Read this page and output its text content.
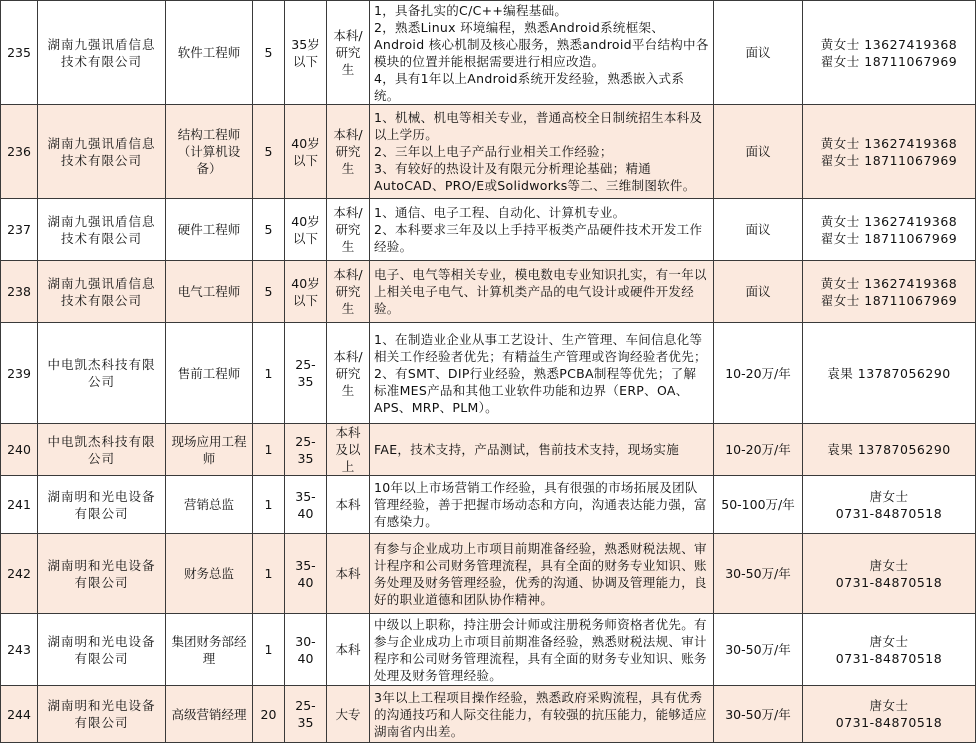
235	湖南九强讯盾信息技术有限公司	软件工程师	5	35岁以下	本科/研究生	1，具备扎实的C/C++编程基础。
2，熟悉Linux 环境编程，熟悉Android系统框架、Android 核心机制及核心服务，熟悉android平台结构中各模块的位置并能根据需要进行相应改造。
4，具有1年以上Android系统开发经验，熟悉嵌入式系统。	面议	黄女士 13627419368
翟女士 18711067969
236	湖南九强讯盾信息技术有限公司	结构工程师（计算机设备）	5	40岁以下	本科/研究生	1、机械、机电等相关专业，普通高校全日制统招生本科及以上学历。
2、三年以上电子产品行业相关工作经验；
3、有较好的热设计及有限元分析理论基础；精通AutoCAD、PRO/E或Solidworks等二、三维制图软件。	面议	黄女士 13627419368
翟女士 18711067969
237	湖南九强讯盾信息技术有限公司	硬件工程师	5	40岁以下	本科/研究生	1、通信、电子工程、自动化、计算机专业。
2、本科要求三年及以上手持平板类产品硬件技术开发工作经验。	面议	黄女士 13627419368
翟女士 18711067969
238	湖南九强讯盾信息技术有限公司	电气工程师	5	40岁以下	本科/研究生	电子、电气等相关专业，模电数电专业知识扎实，有一年以上相关电子电气、计算机类产品的电气设计或硬件开发经验。	面议	黄女士 13627419368
翟女士 18711067969
239	中电凯杰科技有限公司	售前工程师	1	25-35	本科/研究生	1、在制造业企业从事工艺设计、生产管理、车间信息化等相关工作经验者优先；有精益生产管理或咨询经验者优先；
2、有SMT、DIP行业经验，熟悉PCBA制程等优先；了解标准MES产品和其他工业软件功能和边界（ERP、OA、APS、MRP、PLM）。	10-20万/年	袁果 13787056290
240	中电凯杰科技有限公司	现场应用工程师	1	25-35	本科及以上	FAE，技术支持，产品测试，售前技术支持，现场实施	10-20万/年	袁果 13787056290
241	湖南明和光电设备有限公司	营销总监	1	35-40	本科	10年以上市场营销工作经验，具有很强的市场拓展及团队管理经验，善于把握市场动态和方向，沟通表达能力强，富有感染力。	50-100万/年	唐女士
0731-84870518
242	湖南明和光电设备有限公司	财务总监	1	35-40	本科	有参与企业成功上市项目前期准备经验，熟悉财税法规、审计程序和公司财务管理流程，具有全面的财务专业知识、账务处理及财务管理经验，优秀的沟通、协调及管理能力，良好的职业道德和团队协作精神。	30-50万/年	唐女士
0731-84870518
243	湖南明和光电设备有限公司	集团财务部经理	1	30-40	本科	中级以上职称，持注册会计师或注册税务师资格者优先。有参与企业成功上市项目前期准备经验，熟悉财税法规、审计程序和公司财务管理流程，具有全面的财务专业知识、账务处理及财务管理经验。	30-50万/年	唐女士
0731-84870518
244	湖南明和光电设备有限公司	高级营销经理	20	25-35	大专	3年以上工程项目操作经验，熟悉政府采购流程，具有优秀的沟通技巧和人际交往能力，有较强的抗压能力，能够适应湖南省内出差。	30-50万/年	唐女士
0731-84870518
